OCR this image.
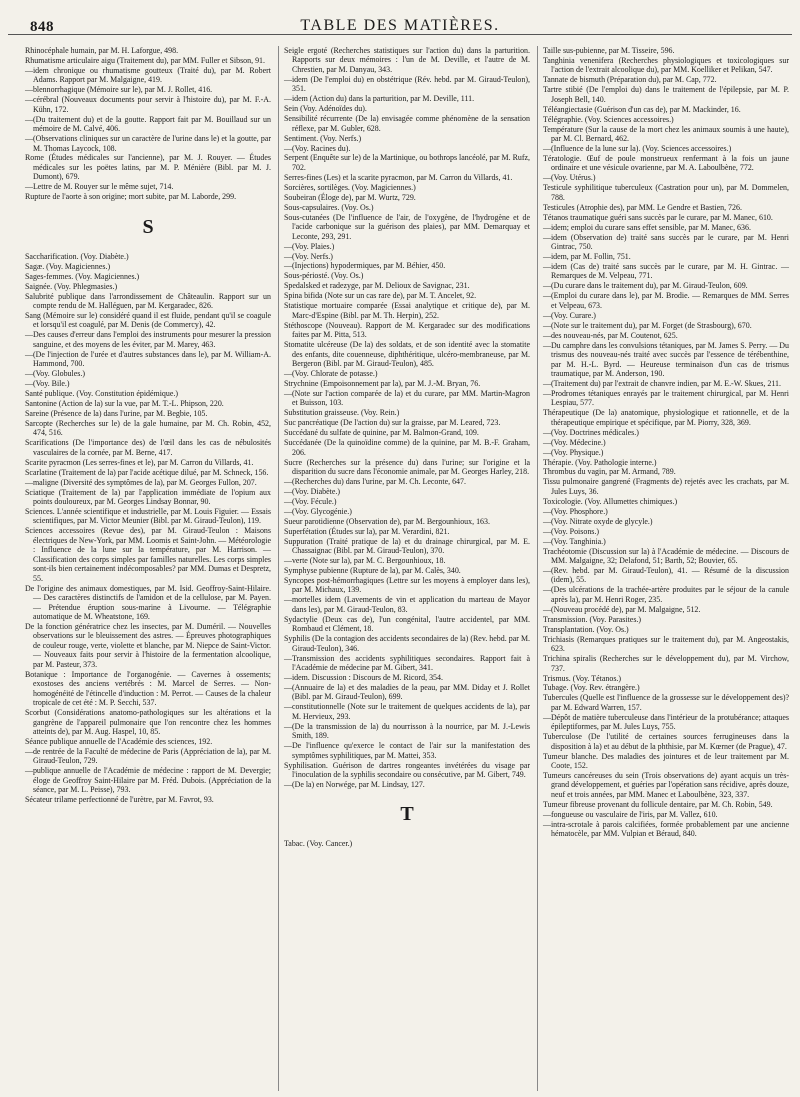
848	TABLE DES MATIÈRES.

Rhinocéphale humain, par M. H. Laforgue, 498.

Rhumatisme articulaire aigu (Traitement du), par MM. Fuller et Sibson, 91.

—idem chronique ou rhumatisme goutteux (Traité du), par M. Robert Adams. Rapport par M. Malgaigne, 419.

—blennorrhagique (Mémoire sur le), par M. J. Rollet, 416.

—cérébral (Nouveaux documents pour servir à l'histoire du), par M. F.-A. Kühn, 172.

—(Du traitement du) et de la goutte. Rapport fait par M. Bouillaud sur un mémoire de M. Calvé, 406.

—(Observations cliniques sur un caractère de l'urine dans le) et la goutte, par M. Thomas Laycock, 108.

Rome (Études médicales sur l'ancienne), par M. J. Rouyer. — Études médicales sur les poëtes latins, par M. P. Ménière (Bibl. par M. J. Dumont), 679.

—Lettre de M. Rouyer sur le même sujet, 714.

Rupture de l'aorte à son origine; mort subite, par M. Laborde, 299.

S

Saccharification. (Voy. Diabète.)

Sagæ. (Voy. Magiciennes.)

Sages-femmes. (Voy. Magiciennes.)

Saignée. (Voy. Phlegmasies.)

Salubrité publique dans l'arrondissement de Châteaulin. Rapport sur un compte rendu de M. Halléguen, par M. Kergaradec, 826.

Sang (Mémoire sur le) considéré quand il est fluide, pendant qu'il se coagule et lorsqu'il est coagulé, par M. Denis (de Commercy), 42.

—Des causes d'erreur dans l'emploi des instruments pour mesurer la pression sanguine, et des moyens de les éviter, par M. Marey, 463.

—(De l'injection de l'urée et d'autres substances dans le), par M. William-A. Hammond, 700.

—(Voy. Globules.)

—(Voy. Bile.)

Santé publique. (Voy. Constitution épidémique.)

Santonine (Action de la) sur la vue, par M. T.-L. Phipson, 220.

Sareine (Présence de la) dans l'urine, par M. Begbie, 105.

Sarcopte (Recherches sur le) de la gale humaine, par M. Ch. Robin, 452, 474, 516.

Scarifications (De l'importance des) de l'œil dans les cas de nébulosités vasculaires de la cornée, par M. Berne, 417.

Scarite pyracmon (Les serres-fines et le), par M. Carron du Villards, 41.

Scarlatine (Traitement de la) par l'acide acétique dilué, par M. Schneck, 156.

—maligne (Diversité des symptômes de la), par M. Georges Fullon, 207.

Sciatique (Traitement de la) par l'application immédiate de l'opium aux points douloureux, par M. Georges Lindsay Bonnar, 90.

Sciences. L'année scientifique et industrielle, par M. Louis Figuier. — Essais scientifiques, par M. Victor Meunier (Bibl. par M. Giraud-Teulon), 119.

Sciences accessoires (Revue des), par M. Giraud-Teulon : Maisons électriques de New-York, par MM. Loomis et Saint-John. — Météorologie : Influence de la lune sur la température, par M. Harrison. — Classification des corps simples par familles naturelles. Les corps simples sont-ils bien certainement indécomposables? par MM. Dumas et Despretz, 55.

De l'origine des animaux domestiques, par M. Isid. Geoffroy-Saint-Hilaire. — Des caractères distinctifs de l'amidon et de la cellulose, par M. Payen. — Prétendue éruption sous-marine à Livourne. — Télégraphie automatique de M. Wheatstone, 169.

De la fonction génératrice chez les insectes, par M. Duméril. — Nouvelles observations sur le bleuissement des astres. — Épreuves photographiques de couleur rouge, verte, violette et blanche, par M. Niepce de Saint-Victor. — Nouveaux faits pour servir à l'histoire de la fermentation alcoolique, par M. Pasteur, 373.

Botanique : Importance de l'organogénie. — Cavernes à ossements; exostoses des anciens vertébrés : M. Marcel de Serres. — Non-homogénéité de l'étincelle d'induction : M. Perrot. — Causes de la chaleur tropicale de cet été : M. P. Secchi, 537.

Scorbut (Considérations anatomo-pathologiques sur les altérations et la gangrène de l'appareil pulmonaire que l'on rencontre chez les hommes atteints de), par M. Aug. Haspel, 10, 85.

Séance publique annuelle de l'Académie des sciences, 192.

—de rentrée de la Faculté de médecine de Paris (Appréciation de la), par M. Giraud-Teulon, 729.

—publique annuelle de l'Académie de médecine : rapport de M. Devergie; éloge de Geoffroy Saint-Hilaire par M. Fréd. Dubois. (Appréciation de la séance, par M. L. Peisse), 793.

Sécateur trilame perfectionné de l'urètre, par M. Favrot, 93.

Seigle ergoté (Recherches statistiques sur l'action du) dans la parturition. Rapports sur deux mémoires : l'un de M. Deville, et l'autre de M. Chrestien, par M. Danyau, 343.

—idem (De l'emploi du) en obstétrique (Rév. hebd. par M. Giraud-Teulon), 351.

—idem (Action du) dans la parturition, par M. Deville, 111.

Sein (Voy. Adénoïdes du).

Sensibilité récurrente (De la) envisagée comme phénomène de la sensation réflexe, par M. Gubler, 628.

Sentiment. (Voy. Nerfs.)

—(Voy. Racines du).

Serpent (Enquête sur le) de la Martinique, ou bothrops lancéolé, par M. Rufz, 702.

Serres-fines (Les) et la scarite pyracmon, par M. Carron du Villards, 41.

Sorcières, sortilèges. (Voy. Magiciennes.)

Soubeiran (Éloge de), par M. Wurtz, 729.

Sous-capsulaires. (Voy. Os.)

Sous-cutanées (De l'influence de l'air, de l'oxygène, de l'hydrogène et de l'acide carbonique sur la guérison des plaies), par MM. Demarquay et Leconte, 293, 291.

—(Voy. Plaies.)

—(Voy. Nerfs.)

—(Injections) hypodermiques, par M. Béhier, 450.

Sous-périosté. (Voy. Os.)

Spedalsked et radezyge, par M. Delioux de Savignac, 231.

Spina bifida (Note sur un cas rare de), par M. T. Ancelet, 92.

Statistique mortuaire comparée (Essai analytique et critique de), par M. Marc-d'Espine (Bibl. par M. Th. Herpin), 252.

Stéthoscope (Nouveau). Rapport de M. Kergaradec sur des modifications faites par M. Pitta, 513.

Stomatite ulcéreuse (De la) des soldats, et de son identité avec la stomatite des enfants, dite couenneuse, diphthéritique, ulcéro-membraneuse, par M. Bergeron (Bibl. par M. Giraud-Teulon), 485.

—(Voy. Chlorate de potasse.)

Strychnine (Empoisonnement par la), par M. J.-M. Bryan, 76.

—(Note sur l'action comparée de la) et du curare, par MM. Martin-Magron et Buisson, 103.

Substitution graisseuse. (Voy. Rein.)

Suc pancréatique (De l'action du) sur la graisse, par M. Leared, 723.

Succédané du sulfate de quinine, par M. Balmon-Grand, 109.

Succédanée (De la quinoïdine comme) de la quinine, par M. B.-F. Graham, 206.

Sucre (Recherches sur la présence du) dans l'urine; sur l'origine et la disparition du sucre dans l'économie animale, par M. Georges Harley, 218.

—(Recherches du) dans l'urine, par M. Ch. Leconte, 647.

—(Voy. Diabète.)

—(Voy. Fécule.)

—(Voy. Glycogénie.)

Sueur parotidienne (Observation de), par M. Bergounhioux, 163.

Superfétation (Études sur la), par M. Verardini, 821.

Suppuration (Traité pratique de la) et du drainage chirurgical, par M. E. Chassaignac (Bibl. par M. Giraud-Teulon), 370.

—verte (Note sur la), par M. C. Bergounhioux, 18.

Symphyse pubienne (Rupture de la), par M. Calès, 340.

Syncopes post-hémorrhagiques (Lettre sur les moyens à employer dans les), par M. Michaux, 139.

—mortelles idem (Lavements de vin et application du marteau de Mayor dans les), par M. Giraud-Teulon, 83.

Sydactylie (Deux cas de), l'un congénital, l'autre accidentel, par MM. Rombaud et Clément, 18.

Syphilis (De la contagion des accidents secondaires de la) (Rev. hebd. par M. Giraud-Teulon), 346.

—Transmission des accidents syphilitiques secondaires. Rapport fait à l'Académie de médecine par M. Gibert, 341.

—idem. Discussion : Discours de M. Ricord, 354.

—(Annuaire de la) et des maladies de la peau, par MM. Diday et J. Rollet (Bibl. par M. Giraud-Teulon), 699.

—constitutionnelle (Note sur le traitement de quelques accidents de la), par M. Hervieux, 293.

—(De la transmission de la) du nourrisson à la nourrice, par M. J.-Lewis Smith, 189.

—De l'influence qu'exerce le contact de l'air sur la manifestation des symptômes syphilitiques, par M. Mattei, 353.

Syphilisation. Guérison de dartres rongeantes invétérées du visage par l'inoculation de la syphilis secondaire ou consécutive, par M. Gibert, 749.

—(De la) en Norwége, par M. Lindsay, 127.

T

Tabac. (Voy. Cancer.)

Taille sus-pubienne, par M. Tisseire, 596.

Tanghinia venenifera (Recherches physiologiques et toxicologiques sur l'action de l'extrait alcoolique du), par MM. Koelliker et Pelikan, 547.

Tannate de bismuth (Préparation du), par M. Cap, 772.

Tartre stibié (De l'emploi du) dans le traitement de l'épilepsie, par M. P. Joseph Bell, 140.

Téléangiectasie (Guérison d'un cas de), par M. Mackinder, 16.

Télégraphie. (Voy. Sciences accessoires.)

Température (Sur la cause de la mort chez les animaux soumis à une haute), par M. Cl. Bernard, 462.

—(Influence de la lune sur la). (Voy. Sciences accessoires.)

Tératologie. Œuf de poule monstrueux renfermant à la fois un jaune ordinaire et une vésicule ovarienne, par M. A. Laboulbène, 772.

—(Voy. Utérus.)

Testicule syphilitique tuberculeux (Castration pour un), par M. Dommelen, 788.

Testicules (Atrophie des), par MM. Le Gendre et Bastien, 726.

Tétanos traumatique guéri sans succès par le curare, par M. Manec, 610.

—idem; emploi du curare sans effet sensible, par M. Manec, 636.

—idem (Observation de) traité sans succès par le curare, par M. Henri Gintrac, 750.

—idem, par M. Follin, 751.

—idem (Cas de) traité sans succès par le curare, par M. H. Gintrac. — Remarques de M. Velpeau, 771.

—(Du curare dans le traitement du), par M. Giraud-Teulon, 609.

—(Emploi du curare dans le), par M. Brodie. — Remarques de MM. Serres et Velpeau, 673.

—(Voy. Curare.)

—(Note sur le traitement du), par M. Forget (de Strasbourg), 670.

—des nouveau-nés, par M. Coutenot, 625.

—Du camphre dans les convulsions tétaniques, par M. James S. Perry. — Du trismus des nouveau-nés traité avec succès par l'essence de térébenthine, par M. H.-L. Byrd. — Heureuse terminaison d'un cas de trismus traumatique, par M. Anderson, 190.

—(Traitement du) par l'extrait de chanvre indien, par M. E.-W. Skues, 211.

—Prodromes tétaniques enrayés par le traitement chirurgical, par M. Henri Lespiau, 577.

Thérapeutique (De la) anatomique, physiologique et rationnelle, et de la thérapeutique empirique et spécifique, par M. Piorry, 328, 369.

—(Voy. Doctrines médicales.)

—(Voy. Médecine.)

—(Voy. Physique.)

Thérapie. (Voy. Pathologie interne.)

Thrombus du vagin, par M. Armand, 789.

Tissu pulmonaire gangrené (Fragments de) rejetés avec les crachats, par M. Jules Luys, 36.

Toxicologie. (Voy. Allumettes chimiques.)

—(Voy. Phosphore.)

—(Voy. Nitrate oxyde de glycyle.)

—(Voy. Poisons.)

—(Voy. Tanghinia.)

Trachéotomie (Discussion sur la) à l'Académie de médecine. — Discours de MM. Malgaigne, 32; Delafond, 51; Barth, 52; Bouvier, 65.

—(Rev. hebd. par M. Giraud-Teulon), 41. — Résumé de la discussion (idem), 55.

—(Des ulcérations de la trachée-artère produites par le séjour de la canule après la), par M. Henri Roger, 235.

—(Nouveau procédé de), par M. Malgaigne, 512.

Transmission. (Voy. Parasites.)

Transplantation. (Voy. Os.)

Trichiasis (Remarques pratiques sur le traitement du), par M. Angeostakis, 623.

Trichina spiralis (Recherches sur le développement du), par M. Virchow, 737.

Trismus. (Voy. Tétanos.)

Tubage. (Voy. Rev. étrangère.)

Tubercules (Quelle est l'influence de la grossesse sur le développement des)? par M. Edward Warren, 157.

—Dépôt de matière tuberculeuse dans l'intérieur de la protubérance; attaques épileptiformes, par M. Jules Luys, 755.

Tuberculose (De l'utilité de certaines sources ferrugineuses dans la disposition à la) et au début de la phthisie, par M. Kœrner (de Prague), 47.

Tumeur blanche. Des maladies des jointures et de leur traitement par M. Coote, 152.

Tumeurs cancéreuses du sein (Trois observations de) ayant acquis un très-grand développement, et guéries par l'opération sans récidive, après douze, neuf et trois années, par MM. Manec et Laboulbène, 323, 337.

Tumeur fibreuse provenant du follicule dentaire, par M. Ch. Robin, 549.

—fongueuse ou vasculaire de l'iris, par M. Vallez, 610.

—intra-scrotale à parois calcifiées, formée probablement par une ancienne hématocèle, par MM. Vulpian et Béraud, 840.
